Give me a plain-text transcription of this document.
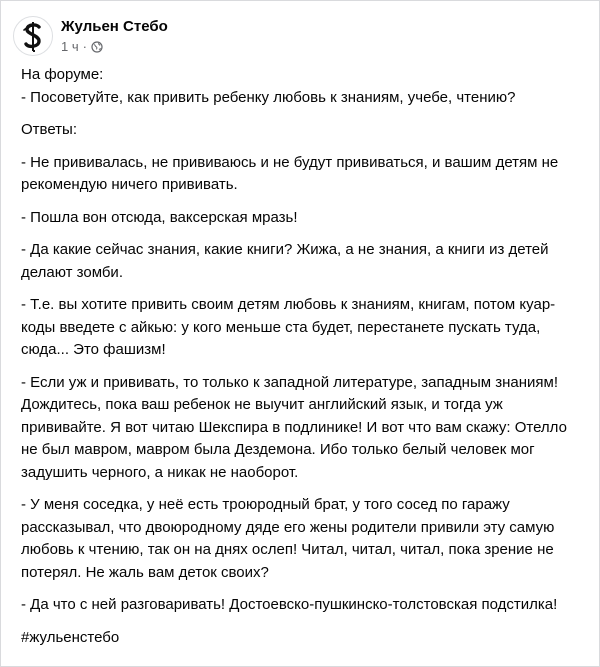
Жульен Стебо
1 ч ·

На форуме:

- Посоветуйте, как привить ребенку любовь к знаниям, учебе, чтению?

Ответы:

- Не прививалась, не прививаюсь и не будут прививаться, и вашим детям не рекомендую ничего прививать.

- Пошла вон отсюда, ваксерская мразь!

- Да какие сейчас знания, какие книги? Жижа, а не знания, а книги из детей делают зомби.

- Т.е. вы хотите привить своим детям любовь к знаниям, книгам, потом куар-коды введете с айкью: у кого меньше ста будет, перестанете пускать туда, сюда... Это фашизм!

- Если уж и прививать, то только к западной литературе, западным знаниям! Дождитесь, пока ваш ребенок не выучит английский язык, и тогда уж прививайте. Я вот читаю Шекспира в подлинике! И вот что вам скажу: Отелло не был мавром, мавром была Дездемона. Ибо только белый человек мог задушить черного, а никак не наоборот.

- У меня соседка, у неё есть троюродный брат, у того сосед по гаражу рассказывал, что двоюродному дяде его жены родители привили эту самую любовь к чтению, так он на днях ослеп! Читал, читал, читал, пока зрение не потерял. Не жаль вам деток своих?

- Да что с ней разговаривать! Достоевско-пушкинско-толстовская подстилка!

#жульенстебо
